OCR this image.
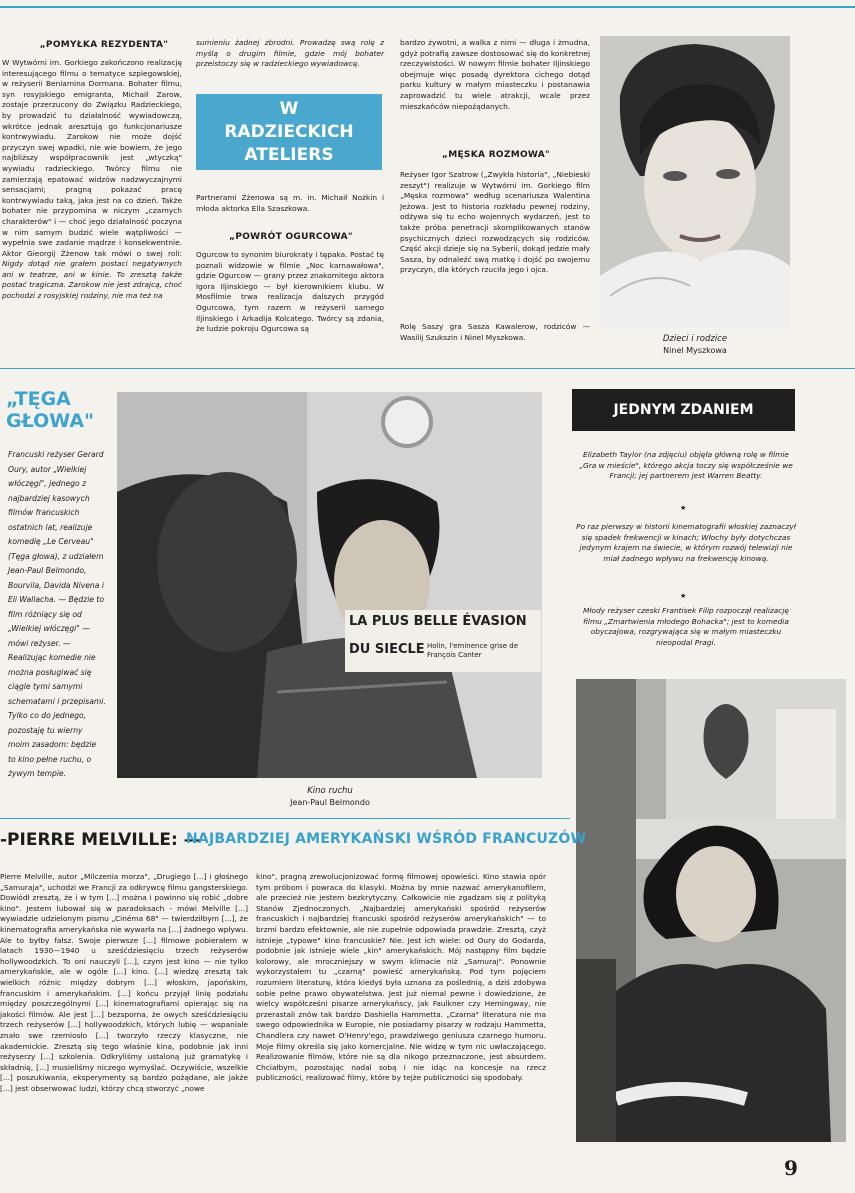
„POMYŁKA REZYDENTA"

W Wytwórni im. Gorkiego zakończono realizację interesującego filmu o tematyce szpiegowskiej, w reżyserii Beniamina Dormana. Bohater filmu, syn rosyjskiego emigranta, Michaił Zarow, zostaje przerzucony do Związku Radzieckiego, by prowadzić tu działalność wywiadowczą, wkrótce jednak aresztują go funkcjonariusze kontrwywiadu. Zarokow nie może dojść przyczyn swej wpadki, nie wie bowiem, że jego najbliższy współpracownik jest „wtyczką" wywiadu radzieckiego. Twórcy filmu nie zamierzają epatować widzów nadzwyczajnymi sensacjami; pragną pokazać pracę kontrwywiadu taką, jaka jest na co dzień. Także bohater nie przypomina w niczym „czarnych charakterów" i — choć jego działalność poczyna w nim samym budzić wiele wątpliwości — wypełnia swe zadanie mądrze i konsekwentnie. Aktor Gieorgij Żżenow tak mówi o swej roli: Nigdy dotąd nie grałem postaci negatywnych ani w teatrze, ani w kinie. To zresztą także postać tragiczna. Zarokow nie jest zdrajcą, choć pochodzi z rosyjskiej rodziny, nie ma też na

sumieniu żadnej zbrodni. Prowadzę swą rolę z myślą o drugim filmie, gdzie mój bohater przeistoczy się w radzieckiego wywiadowcę.

W RADZIECKICH ATELIERS

Partnerami Żżenowa są m. in. Michaił Nożkin i młoda aktorka Ella Szaszkowa.

„POWRÓT OGURCOWA"

Ogurcow to synonim biurokraty i tępaka. Postać tę poznali widzowie w filmie „Noc karnawałowa", gdzie Ogurcow — grany przez znakomitego aktora Igora Iljinskiego — był kierownikiem klubu. W Mosfilmie trwa realizacja dalszych przygód Ogurcowa, tym razem w reżyserii samego Iljinskiego i Arkadija Kolcatego. Twórcy są zdania, że ludzie pokroju Ogurcowa są

bardzo żywotni, a walka z nimi — długa i żmudna, gdyż potrafią zawsze dostosować się do konkretnej rzeczywistości. W nowym filmie bohater Iljinskiego obejmuje więc posadę dyrektora cichego dotąd parku kultury w małym miasteczku i postanawia zaprowadzić tu wiele atrakcji, wcale przez mieszkańców niepożądanych.

„MĘSKA ROZMOWA"

Reżyser Igor Szatrow („Zwykła historia", „Niebieski zeszyt") realizuje w Wytwórni im. Gorkiego film „Męska rozmowa" według scenariusza Walentina Jeżowa. Jest to historia rozkładu pewnej rodziny, odżywa się tu echo wojennych wydarzeń, jest to także próba penetracji skomplikowanych stanów psychicznych dzieci rozwodzących się rodziców. Część akcji dzieje się na Syberii, dokąd jedzie mały Sasza, by odnaleźć swą matkę i dojść po swojemu przyczyn, dla których rzuciła jego i ojca.

Rolę Saszy gra Sasza Kawalerow, rodziców — Wasilij Szukszin i Ninel Myszkowa.	Dzieci i rodzice
Ninel Myszkowa
„TĘGA
GŁOWA"

Francuski reżyser Gerard Oury, autor „Wielkiej włóczęgi", jednego z najbardziej kasowych filmów francuskich ostatnich lat, realizuje komedię „Le Cerveau" (Tęga głowa), z udziałem Jean-Paul Belmondo, Bourvila, Davida Nivena i Eli Wallacha. — Będzie to film różniący się od „Wielkiej włóczęgi" — mówi reżyser. — Realizując komedie nie można posługiwać się ciągle tymi samymi schematami i przepisami. Tylko co do jednego, pozostaję tu wierny moim zasadom: będzie to kino pełne ruchu, o żywym tempie.

LA PLUS BELLE ÉVASION
DU SIECLE Holin, l'eminence grise de François Canter
Kino ruchu
Jean-Paul Belmondo
JEDNYM ZDANIEM

Elizabeth Taylor (na zdjęciu) objęła główną rolę w filmie „Gra w mieście", którego akcja toczy się współcześnie we Francji; jej partnerem jest Warren Beatty.

★

Po raz pierwszy w historii kinematografii włoskiej zaznaczył się spadek frekwencji w kinach; Włochy były dotychczas jedynym krajem na świecie, w którym rozwój telewizji nie miał żadnego wpływu na frekwencję kinową.

★

Młody reżyser czeski Frantisek Filip rozpoczął realizację filmu „Zmartwienia młodego Bohacka"; jest to komedia obyczajowa, rozgrywająca się w małym miasteczku nieopodal Pragi.

-PIERRE MELVILLE: —
NAJBARDZIEJ AMERYKAŃSKI WŚRÓD FRANCUZÓW

Pierre Melville, autor „Milczenia morza", „Drugiego [...] i głośnego „Samuraja", uchodzi we Francji za odkrywcę filmu gangsterskiego. Dowiódł zresztą, że i w tym [...] można i powinno się robić „dobre kino". Jestem lubował się w paradoksach - mówi Melville [...] wywiadzie udzielonym pismu „Cinéma 68" — twierdziłbym [...], że kinematografia amerykańska nie wywarła na [...] żadnego wpływu. Ale to byłby fałsz. Swoje pierwsze [...] filmowe pobierałem w latach 1930—1940 u sześćdziesięciu trzech reżyserów hollywoodzkich. To oni nauczyli [...], czym jest kino — nie tylko amerykańskie, ale w ogóle [...] kino. [...] wiedzę zresztą tak wielkich różnic między dobrym [...] włoskim, japońskim, francuskim i amerykańskim. [...] końcu przyjął linię podziału między poszczególnymi [...] kinematografiami opierając się na jakości filmów. Ale jest [...] bezsporna, że owych sześćdziesięciu trzech reżyserów [...] hollywoodzkich, których lubię — wspaniale znało swe rzemiosło [...] tworzyło rzeczy klasyczne, nie akademickie. Zresztą się tego właśnie kina, podobnie jak inni reżyserzy [...] szkolenia. Odkryliśmy ustaloną już gramatykę i składnię, [...] musieliśmy niczego wymyślać. Oczywiście, wszelkie [...] poszukiwania, eksperymenty są bardzo pożądane, ale jakże [...] jest obserwować ludzi, którzy chcą stworzyć „nowe

kino", pragną zrewolucjonizować formę filmowej opowieści. Kino stawia opór tym próbom i powraca do klasyki. Można by mnie nazwać amerykanofilem, ale przecież nie jestem bezkrytyczny. Całkowicie nie zgadzam się z polityką Stanów Zjednoczonych. „Najbardziej amerykański spośród reżyserów francuskich i najbardziej francuski spośród reżyserów amerykańskich" — to brzmi bardzo efektownie, ale nie zupełnie odpowiada prawdzie. Zresztą, czyż istnieje „typowe" kino francuskie? Nie. Jest ich wiele: od Oury do Godarda, podobnie jak istnieje wiele „kin" amerykańskich. Mój następny film będzie kolorowy, ale mroczniejszy w swym klimacie niż „Samuraj". Ponownie wykorzystałem tu „czarną" powieść amerykańską. Pod tym pojęciem rozumiem literaturę, która kiedyś była uznana za poślednią, a dziś zdobywa sobie pełne prawo obywatelstwa. Jest już niemal pewne i dowiedzione, że wielcy współcześni pisarze amerykańscy, jak Faulkner czy Hemingway, nie przerastali znów tak bardzo Dashiella Hammetta. „Czarna" literatura nie ma swego odpowiednika w Europie, nie posiadamy pisarzy w rodzaju Hammetta, Chandlera czy nawet O'Henry'ego, prawdziwego geniusza czarnego humoru. Moje filmy określa się jako komercjalne. Nie widzę w tym nic uwłaczającego. Realizowanie filmów, które nie są dla nikogo przeznaczone, jest absurdem. Chciałbym, pozostając nadal sobą i nie idąc na koncesje na rzecz publiczności, realizować filmy, które by tejże publiczności się spodobały.

9
